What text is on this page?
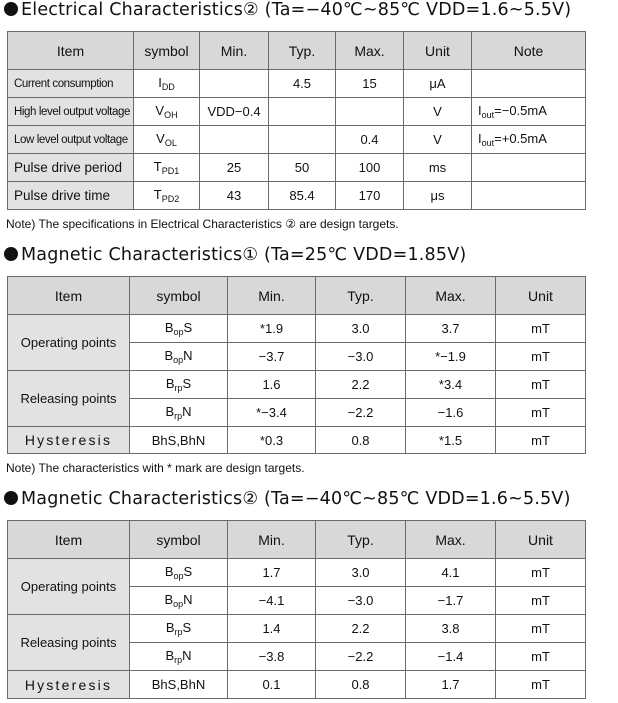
Electrical Characteristics② (Ta=−40℃~85℃ VDD=1.6~5.5V)
Item	symbol	Min.	Typ.	Max.	Unit	Note
Current consumption	$I_{DD}$		4.5	15	μA	
High level output voltage	$V_{OH}$	VDD−0.4			V	$I_{out}=-0.5mA$
Low level output voltage	$V_{OL}$			0.4	V	$I_{out}=+0.5mA$
Pulse drive period	$T_{PD1}$	25	50	100	ms	
Pulse drive time	$T_{PD2}$	43	85.4	170	μs	
Note) The specifications in Electrical Characteristics ② are design targets.
Magnetic Characteristics① (Ta=25℃ VDD=1.85V)
Item	symbol	Min.	Typ.	Max.	Unit
Operating points	$B_{op}S$	*1.9	3.0	3.7	mT
	$B_{op}N$	−3.7	−3.0	*−1.9	mT
Releasing points	$B_{rp}S$	1.6	2.2	*3.4	mT
	$B_{rp}N$	*−3.4	−2.2	−1.6	mT
Hysteresis	BhS,BhN	*0.3	0.8	*1.5	mT
Note) The characteristics with * mark are design targets.
Magnetic Characteristics② (Ta=−40℃~85℃ VDD=1.6~5.5V)
Item	symbol	Min.	Typ.	Max.	Unit
Operating points	$B_{op}S$	1.7	3.0	4.1	mT
	$B_{op}N$	−4.1	−3.0	−1.7	mT
Releasing points	$B_{rp}S$	1.4	2.2	3.8	mT
	$B_{rp}N$	−3.8	−2.2	−1.4	mT
Hysteresis	BhS,BhN	0.1	0.8	1.7	mT
